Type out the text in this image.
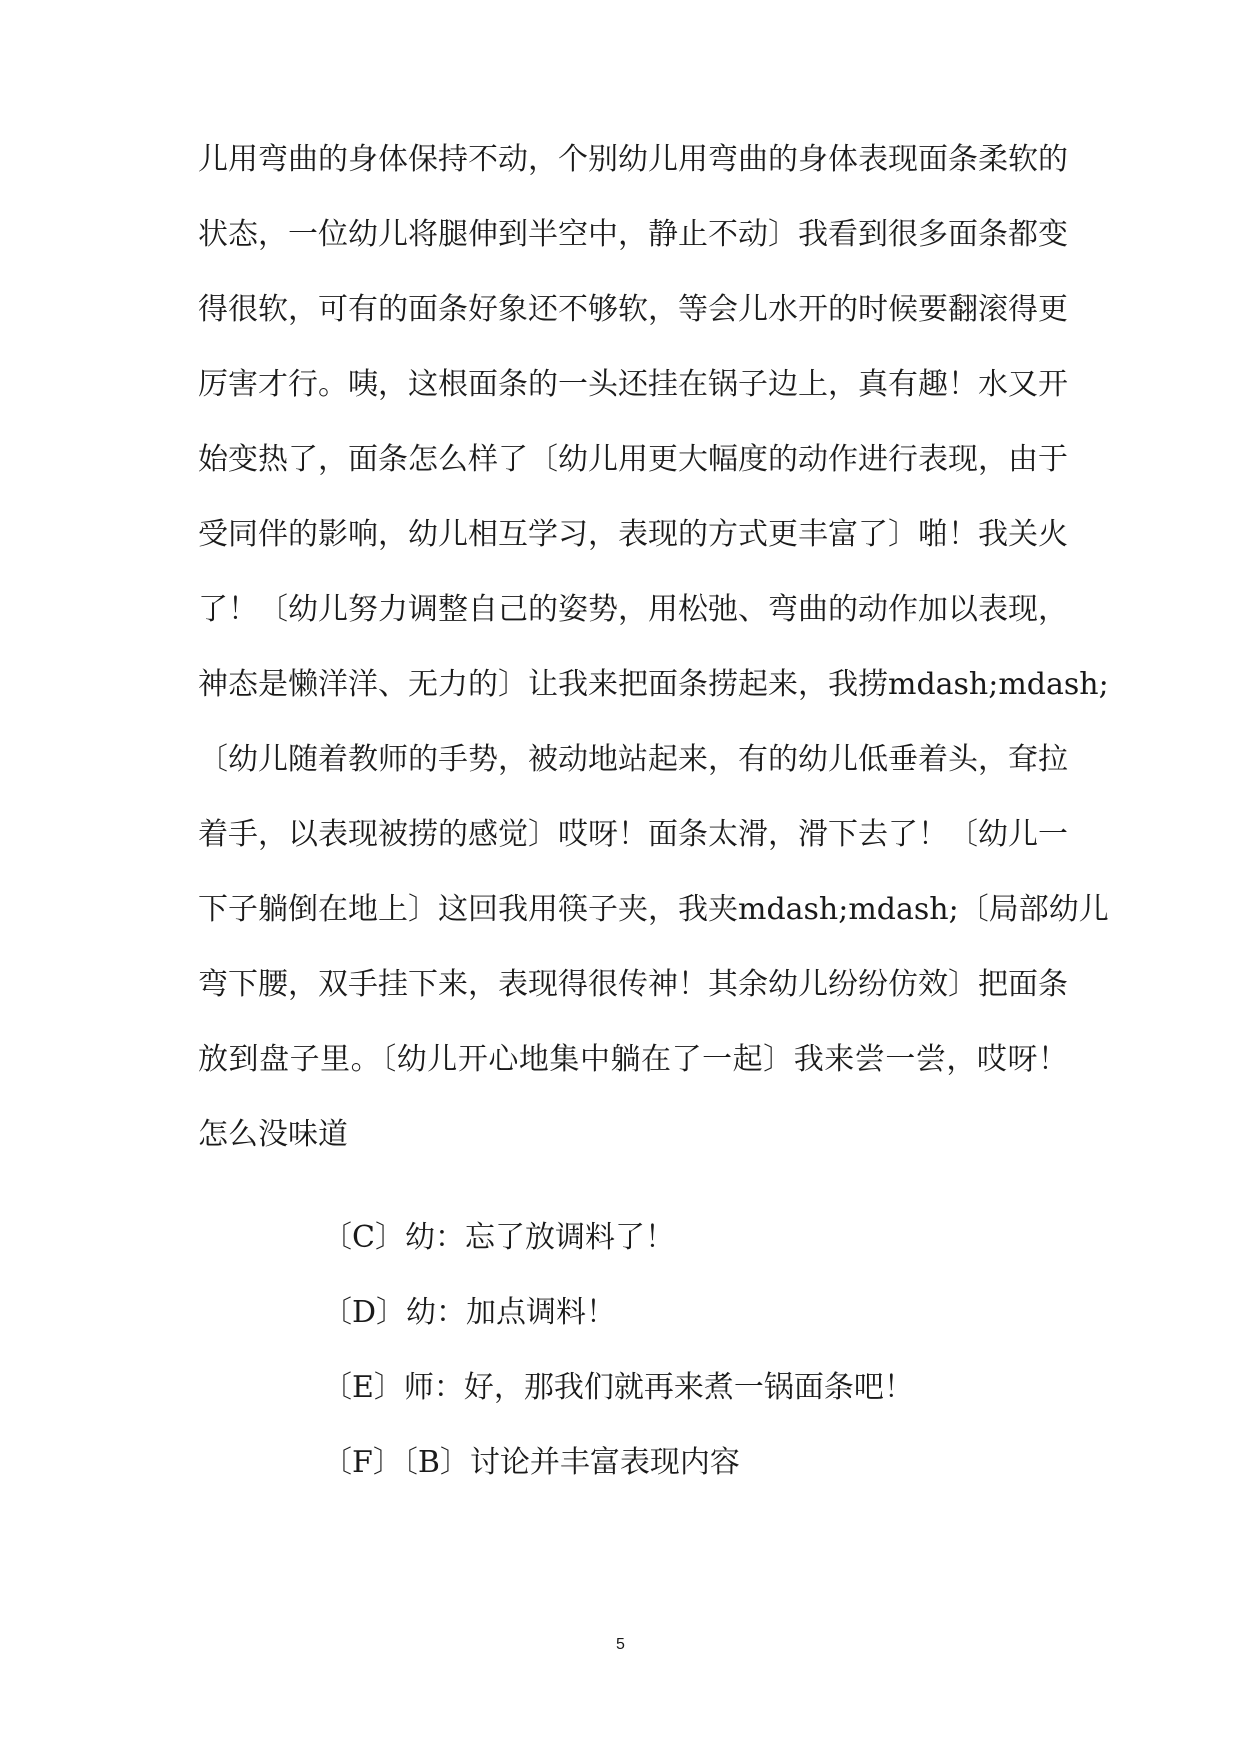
儿用弯曲的身体保持不动，个别幼儿用弯曲的身体表现面条柔软的
状态，一位幼儿将腿伸到半空中，静止不动〕我看到很多面条都变
得很软，可有的面条好象还不够软，等会儿水开的时候要翻滚得更
厉害才行。咦，这根面条的一头还挂在锅子边上，真有趣！水又开
始变热了，面条怎么样了〔幼儿用更大幅度的动作进行表现，由于
受同伴的影响，幼儿相互学习，表现的方式更丰富了〕啪！我关火
了！〔幼儿努力调整自己的姿势，用松弛、弯曲的动作加以表现，
神态是懒洋洋、无力的〕让我来把面条捞起来，我捞mdash;mdash;
〔幼儿随着教师的手势，被动地站起来，有的幼儿低垂着头，耷拉
着手，以表现被捞的感觉〕哎呀！面条太滑，滑下去了！〔幼儿一
下子躺倒在地上〕这回我用筷子夹，我夹mdash;mdash;〔局部幼儿
弯下腰，双手挂下来，表现得很传神！其余幼儿纷纷仿效〕把面条
放到盘子里。〔幼儿开心地集中躺在了一起〕我来尝一尝，哎呀！
怎么没味道
〔C〕幼：忘了放调料了！
〔D〕幼：加点调料！
〔E〕师：好，那我们就再来煮一锅面条吧！
〔F〕〔B〕讨论并丰富表现内容
5
